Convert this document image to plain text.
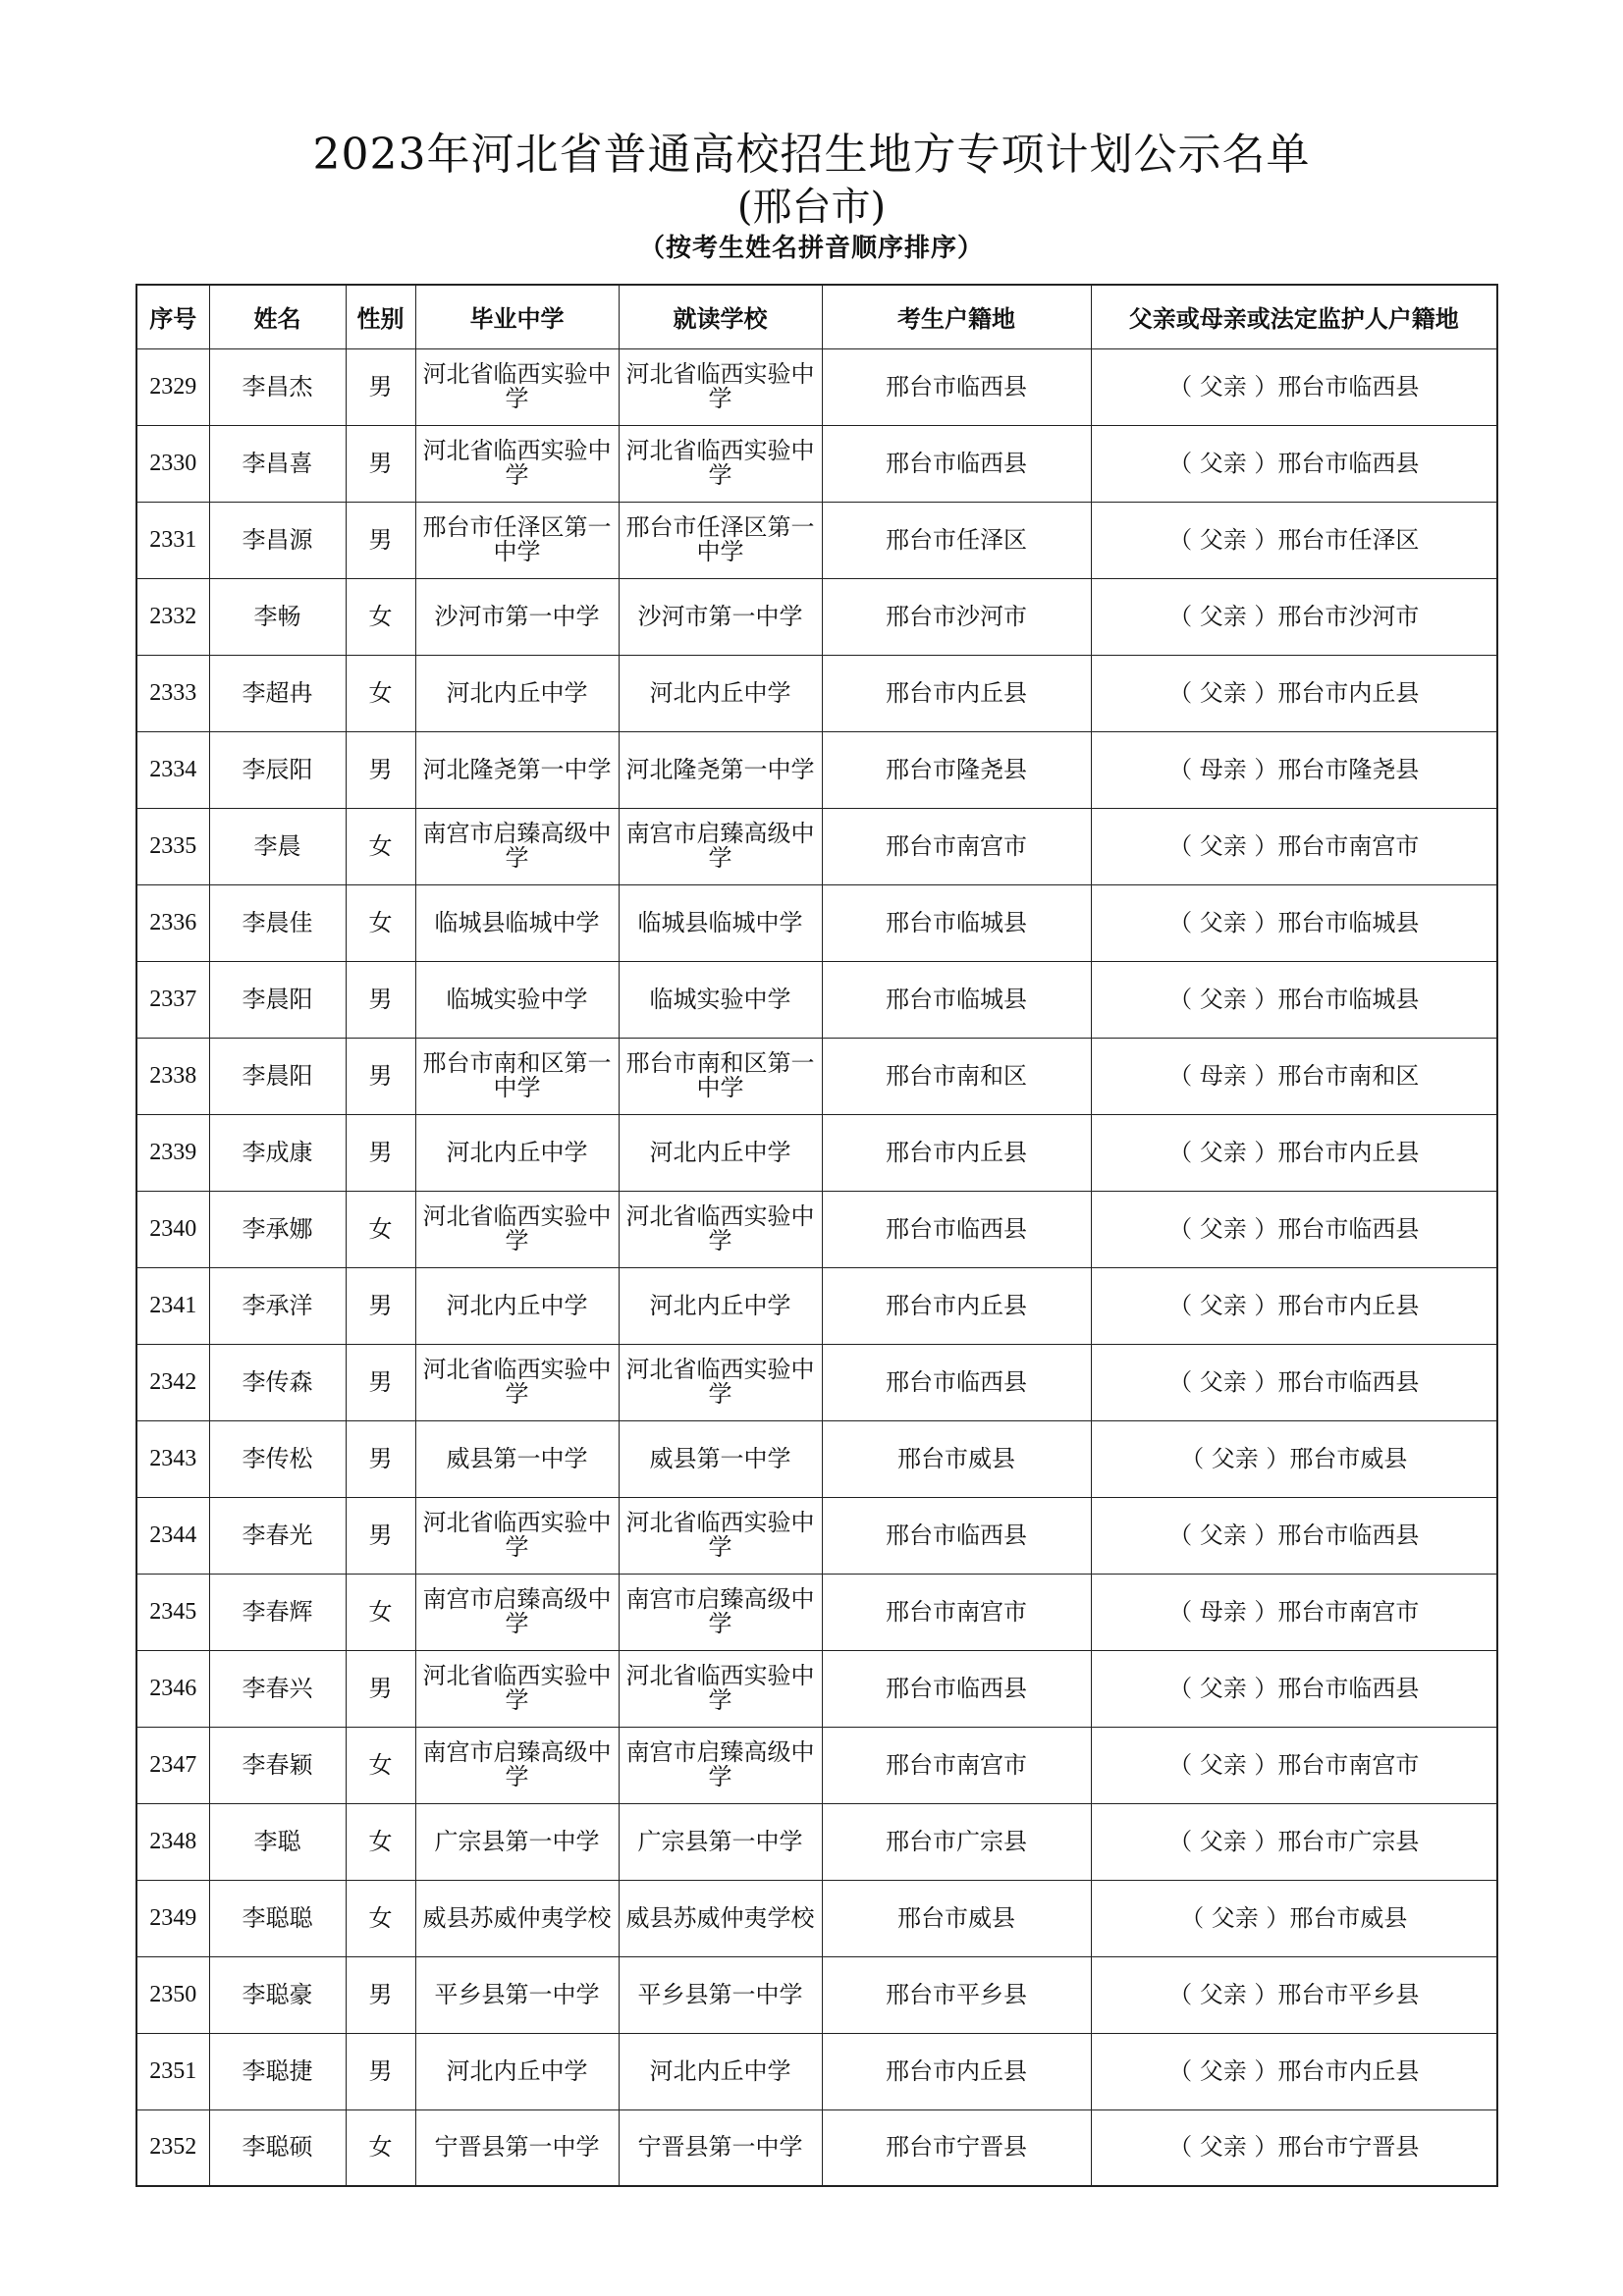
2023年河北省普通高校招生地方专项计划公示名单
(邢台市)
（按考生姓名拼音顺序排序）
序号	姓名	性别	毕业中学	就读学校	考生户籍地	父亲或母亲或法定监护人户籍地
2329	李昌杰	男	河北省临西实验中学	河北省临西实验中学	邢台市临西县	（ 父亲 ）邢台市临西县
2330	李昌喜	男	河北省临西实验中学	河北省临西实验中学	邢台市临西县	（ 父亲 ）邢台市临西县
2331	李昌源	男	邢台市任泽区第一中学	邢台市任泽区第一中学	邢台市任泽区	（ 父亲 ）邢台市任泽区
2332	李畅	女	沙河市第一中学	沙河市第一中学	邢台市沙河市	（ 父亲 ）邢台市沙河市
2333	李超冉	女	河北内丘中学	河北内丘中学	邢台市内丘县	（ 父亲 ）邢台市内丘县
2334	李辰阳	男	河北隆尧第一中学	河北隆尧第一中学	邢台市隆尧县	（ 母亲 ）邢台市隆尧县
2335	李晨	女	南宫市启臻高级中学	南宫市启臻高级中学	邢台市南宫市	（ 父亲 ）邢台市南宫市
2336	李晨佳	女	临城县临城中学	临城县临城中学	邢台市临城县	（ 父亲 ）邢台市临城县
2337	李晨阳	男	临城实验中学	临城实验中学	邢台市临城县	（ 父亲 ）邢台市临城县
2338	李晨阳	男	邢台市南和区第一中学	邢台市南和区第一中学	邢台市南和区	（ 母亲 ）邢台市南和区
2339	李成康	男	河北内丘中学	河北内丘中学	邢台市内丘县	（ 父亲 ）邢台市内丘县
2340	李承娜	女	河北省临西实验中学	河北省临西实验中学	邢台市临西县	（ 父亲 ）邢台市临西县
2341	李承洋	男	河北内丘中学	河北内丘中学	邢台市内丘县	（ 父亲 ）邢台市内丘县
2342	李传森	男	河北省临西实验中学	河北省临西实验中学	邢台市临西县	（ 父亲 ）邢台市临西县
2343	李传松	男	威县第一中学	威县第一中学	邢台市威县	（ 父亲 ）邢台市威县
2344	李春光	男	河北省临西实验中学	河北省临西实验中学	邢台市临西县	（ 父亲 ）邢台市临西县
2345	李春辉	女	南宫市启臻高级中学	南宫市启臻高级中学	邢台市南宫市	（ 母亲 ）邢台市南宫市
2346	李春兴	男	河北省临西实验中学	河北省临西实验中学	邢台市临西县	（ 父亲 ）邢台市临西县
2347	李春颖	女	南宫市启臻高级中学	南宫市启臻高级中学	邢台市南宫市	（ 父亲 ）邢台市南宫市
2348	李聪	女	广宗县第一中学	广宗县第一中学	邢台市广宗县	（ 父亲 ）邢台市广宗县
2349	李聪聪	女	威县苏威仲夷学校	威县苏威仲夷学校	邢台市威县	（ 父亲 ）邢台市威县
2350	李聪豪	男	平乡县第一中学	平乡县第一中学	邢台市平乡县	（ 父亲 ）邢台市平乡县
2351	李聪捷	男	河北内丘中学	河北内丘中学	邢台市内丘县	（ 父亲 ）邢台市内丘县
2352	李聪硕	女	宁晋县第一中学	宁晋县第一中学	邢台市宁晋县	（ 父亲 ）邢台市宁晋县
